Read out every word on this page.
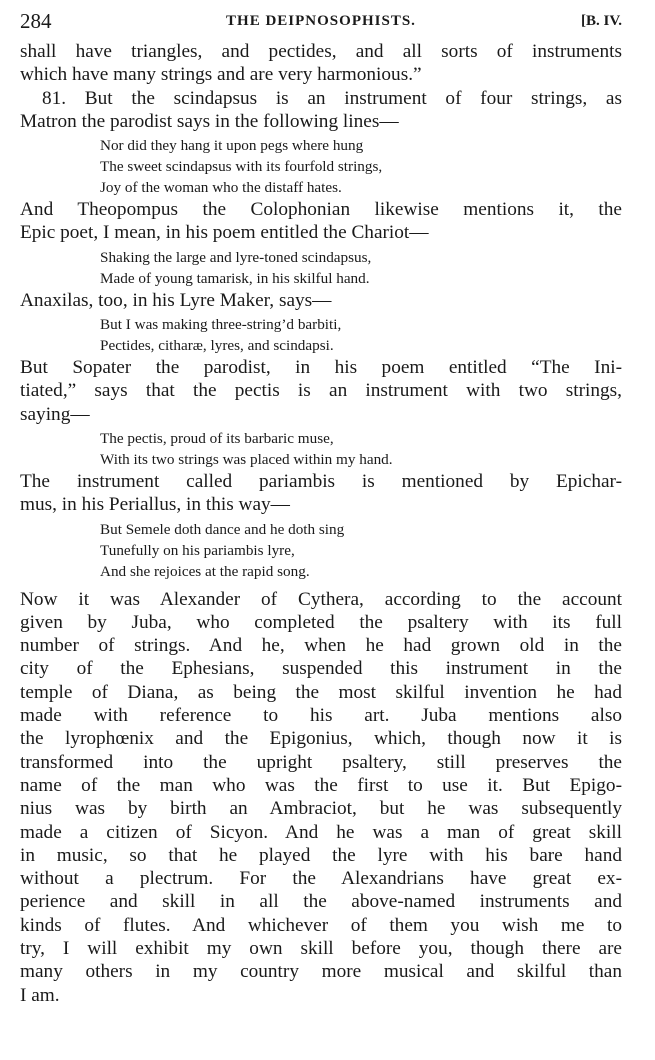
284	THE DEIPNOSOPHISTS.	[B. IV.
shall have triangles, and pectides, and all sorts of instruments
which have many strings and are very harmonious.”
81. But the scindapsus is an instrument of four strings, as
Matron the parodist says in the following lines—
Nor did they hang it upon pegs where hung
The sweet scindapsus with its fourfold strings,
Joy of the woman who the distaff hates.
And Theopompus the Colophonian likewise mentions it, the
Epic poet, I mean, in his poem entitled the Chariot—
Shaking the large and lyre-toned scindapsus,
Made of young tamarisk, in his skilful hand.
Anaxilas, too, in his Lyre Maker, says—
But I was making three-string’d barbiti,
Pectides, citharæ, lyres, and scindapsi.
But Sopater the parodist, in his poem entitled “The Ini-
tiated,” says that the pectis is an instrument with two strings,
saying—
The pectis, proud of its barbaric muse,
With its two strings was placed within my hand.
The instrument called pariambis is mentioned by Epichar-
mus, in his Periallus, in this way—
But Semele doth dance and he doth sing
Tunefully on his pariambis lyre,
And she rejoices at the rapid song.
Now it was Alexander of Cythera, according to the account
given by Juba, who completed the psaltery with its full
number of strings. And he, when he had grown old in the
city of the Ephesians, suspended this instrument in the
temple of Diana, as being the most skilful invention he had
made with reference to his art. Juba mentions also
the lyrophœnix and the Epigonius, which, though now it is
transformed into the upright psaltery, still preserves the
name of the man who was the first to use it. But Epigo-
nius was by birth an Ambraciot, but he was subsequently
made a citizen of Sicyon. And he was a man of great skill
in music, so that he played the lyre with his bare hand
without a plectrum. For the Alexandrians have great ex-
perience and skill in all the above-named instruments and
kinds of flutes. And whichever of them you wish me to
try, I will exhibit my own skill before you, though there are
many others in my country more musical and skilful than
I am.
